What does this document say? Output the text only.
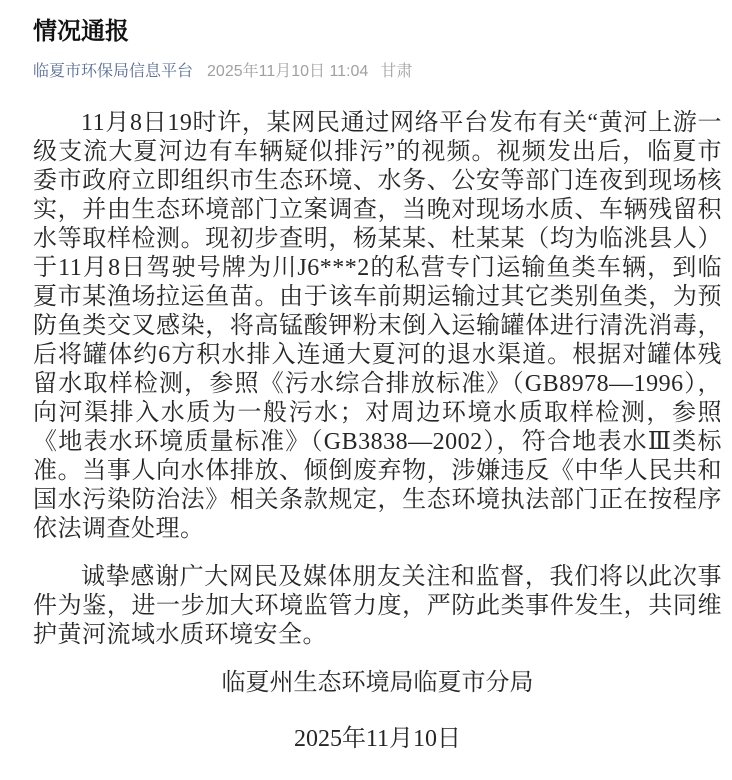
情况通报
临夏市环保局信息平台 2025年11月10日 11:04 甘肃

11月8日19时许，某网民通过网络平台发布有关“黄河上游一级支流大夏河边有车辆疑似排污”的视频。视频发出后，临夏市委市政府立即组织市生态环境、水务、公安等部门连夜到现场核实，并由生态环境部门立案调查，当晚对现场水质、车辆残留积水等取样检测。现初步查明，杨某某、杜某某（均为临洮县人）于11月8日驾驶号牌为川J6***2的私营专门运输鱼类车辆，到临夏市某渔场拉运鱼苗。由于该车前期运输过其它类别鱼类，为预防鱼类交叉感染，将高锰酸钾粉末倒入运输罐体进行清洗消毒，后将罐体约6方积水排入连通大夏河的退水渠道。根据对罐体残留水取样检测，参照《污水综合排放标准》（GB8978—1996），向河渠排入水质为一般污水；对周边环境水质取样检测，参照《地表水环境质量标准》（GB3838—2002），符合地表水Ⅲ类标准。当事人向水体排放、倾倒废弃物，涉嫌违反《中华人民共和国水污染防治法》相关条款规定，生态环境执法部门正在按程序依法调查处理。

诚挚感谢广大网民及媒体朋友关注和监督，我们将以此次事件为鉴，进一步加大环境监管力度，严防此类事件发生，共同维护黄河流域水质环境安全。

临夏州生态环境局临夏市分局

2025年11月10日
